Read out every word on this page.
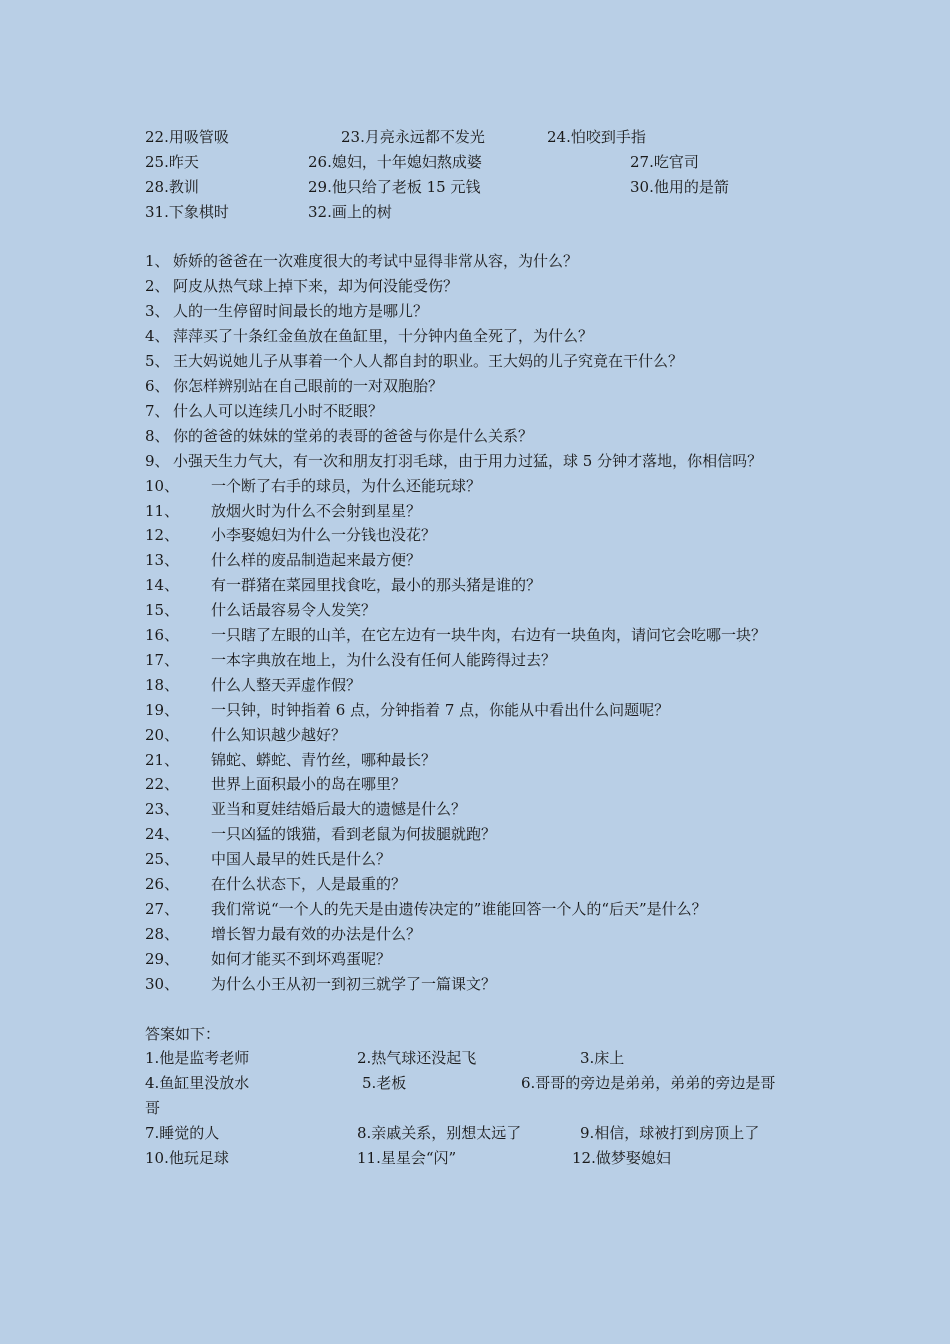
22.用吸管吸	23.月亮永远都不发光	24.怕咬到手指
25.昨天	26.媳妇，十年媳妇熬成婆	27.吃官司
28.教训	29.他只给了老板 15 元钱	30.他用的是箭
31.下象棋时	32.画上的树
1、 娇娇的爸爸在一次难度很大的考试中显得非常从容，为什么？
2、 阿皮从热气球上掉下来，却为何没能受伤？
3、 人的一生停留时间最长的地方是哪儿？
4、 萍萍买了十条红金鱼放在鱼缸里，十分钟内鱼全死了，为什么？
5、 王大妈说她儿子从事着一个人人都自封的职业。王大妈的儿子究竟在干什么？
6、 你怎样辨别站在自己眼前的一对双胞胎？
7、 什么人可以连续几小时不眨眼？
8、 你的爸爸的妹妹的堂弟的表哥的爸爸与你是什么关系？
9、 小强天生力气大，有一次和朋友打羽毛球，由于用力过猛，球 5 分钟才落地，你相信吗？
10、	一个断了右手的球员，为什么还能玩球？
11、	放烟火时为什么不会射到星星？
12、	小李娶媳妇为什么一分钱也没花？
13、	什么样的废品制造起来最方便？
14、	有一群猪在菜园里找食吃，最小的那头猪是谁的？
15、	什么话最容易令人发笑？
16、	一只瞎了左眼的山羊，在它左边有一块牛肉，右边有一块鱼肉，请问它会吃哪一块？
17、	一本字典放在地上，为什么没有任何人能跨得过去？
18、	什么人整天弄虚作假？
19、	一只钟，时钟指着 6 点，分钟指着 7 点，你能从中看出什么问题呢？
20、	什么知识越少越好？
21、	锦蛇、蟒蛇、青竹丝，哪种最长？
22、	世界上面积最小的岛在哪里？
23、	亚当和夏娃结婚后最大的遗憾是什么？
24、	一只凶猛的饿猫，看到老鼠为何拔腿就跑？
25、	中国人最早的姓氏是什么？
26、	在什么状态下，人是最重的？
27、	我们常说“一个人的先天是由遗传决定的”谁能回答一个人的“后天”是什么？
28、	增长智力最有效的办法是什么？
29、	如何才能买不到坏鸡蛋呢？
30、	为什么小王从初一到初三就学了一篇课文？
答案如下：
1.他是监考老师	2.热气球还没起飞	3.床上
4.鱼缸里没放水	5.老板	6.哥哥的旁边是弟弟，弟弟的旁边是哥
哥
7.睡觉的人	8.亲戚关系，别想太远了	9.相信，球被打到房顶上了
10.他玩足球	11.星星会“闪”	12.做梦娶媳妇
